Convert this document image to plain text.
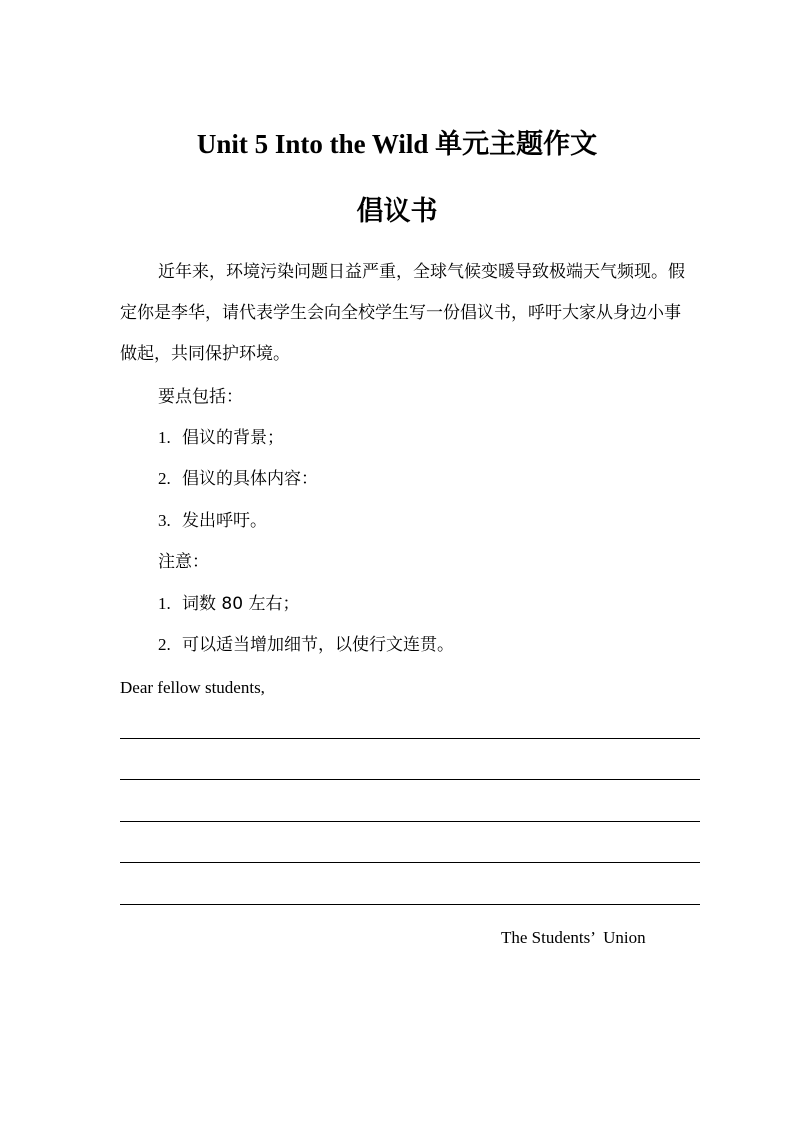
Unit 5 Into the Wild 单元主题作文
倡议书
近年来，环境污染问题日益严重，全球气候变暖导致极端天气频现。假定你是李华，请代表学生会向全校学生写一份倡议书，呼吁大家从身边小事做起，共同保护环境。
要点包括：
1. 倡议的背景；
2. 倡议的具体内容：
3. 发出呼吁。
注意：
1. 词数 80 左右；
2. 可以适当增加细节，以使行文连贯。
Dear fellow students,
The Students’  Union
